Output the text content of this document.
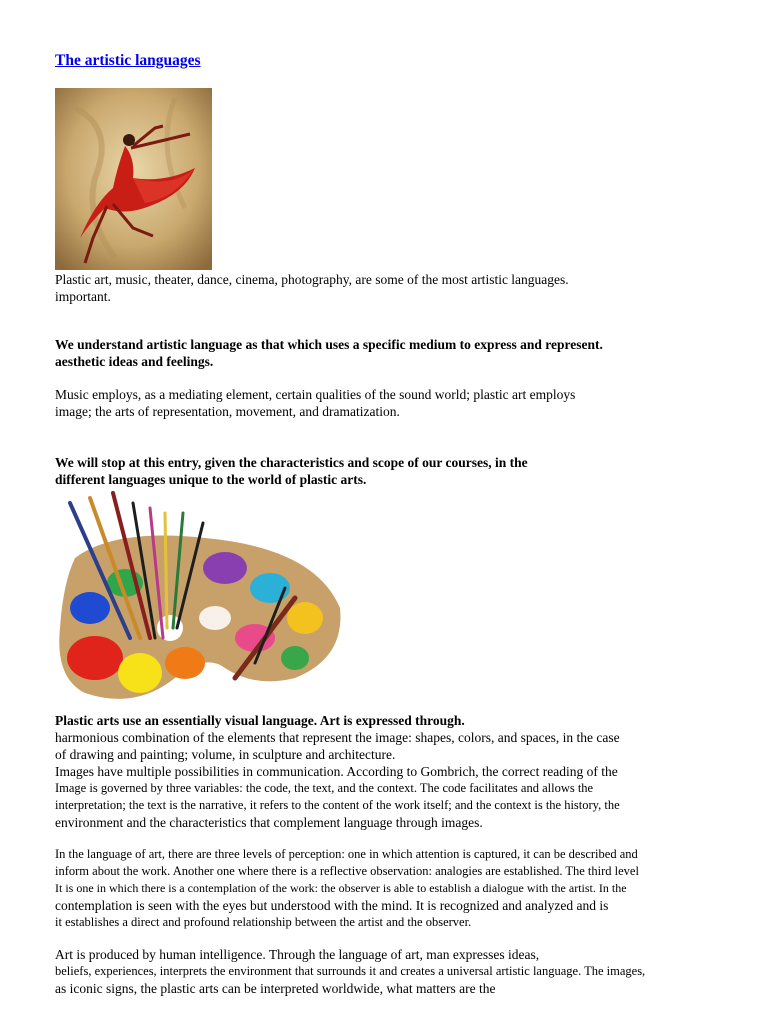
The artistic languages
Plastic art, music, theater, dance, cinema, photography, are some of the most artistic languages.
important.
We understand artistic language as that which uses a specific medium to express and represent.
aesthetic ideas and feelings.
Music employs, as a mediating element, certain qualities of the sound world; plastic art employs
image; the arts of representation, movement, and dramatization.
We will stop at this entry, given the characteristics and scope of our courses, in the
different languages unique to the world of plastic arts.
Plastic arts use an essentially visual language. Art is expressed through.
harmonious combination of the elements that represent the image: shapes, colors, and spaces, in the case
of drawing and painting; volume, in sculpture and architecture.
Images have multiple possibilities in communication. According to Gombrich, the correct reading of the
Image is governed by three variables: the code, the text, and the context. The code facilitates and allows the
interpretation; the text is the narrative, it refers to the content of the work itself; and the context is the history, the
environment and the characteristics that complement language through images.
In the language of art, there are three levels of perception: one in which attention is captured, it can be described and
inform about the work. Another one where there is a reflective observation: analogies are established. The third level
It is one in which there is a contemplation of the work: the observer is able to establish a dialogue with the artist. In the
contemplation is seen with the eyes but understood with the mind. It is recognized and analyzed and is
it establishes a direct and profound relationship between the artist and the observer.
Art is produced by human intelligence. Through the language of art, man expresses ideas,
beliefs, experiences, interprets the environment that surrounds it and creates a universal artistic language. The images,
as iconic signs, the plastic arts can be interpreted worldwide, what matters are the
